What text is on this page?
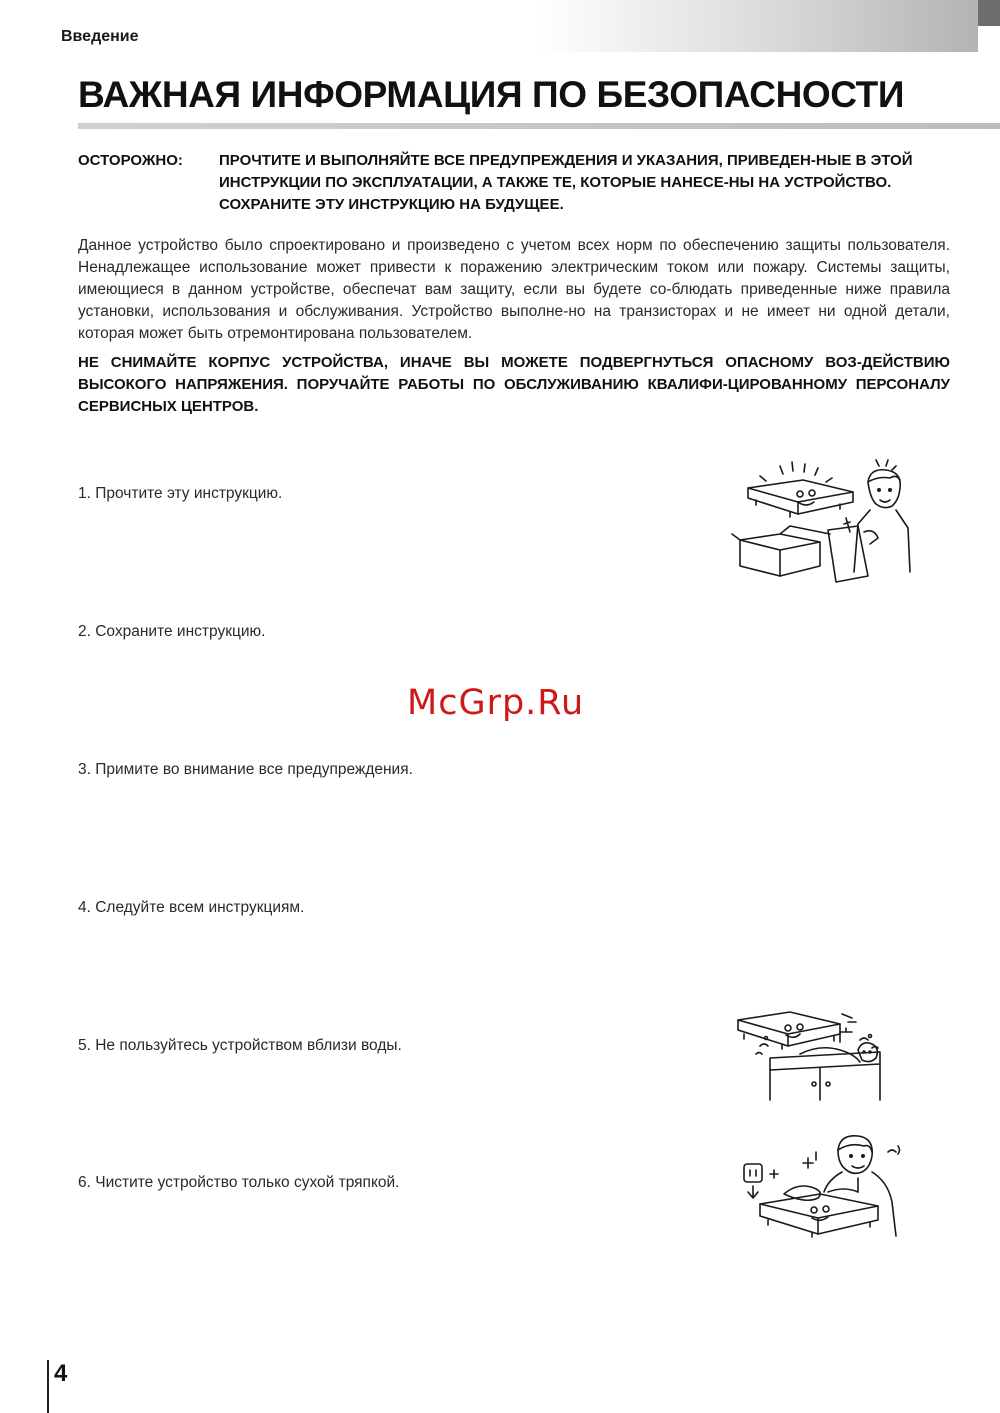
Введение
ВАЖНАЯ ИНФОРМАЦИЯ ПО БЕЗОПАСНОСТИ
ОСТОРОЖНО: ПРОЧТИТЕ И ВЫПОЛНЯЙТЕ ВСЕ ПРЕДУПРЕЖДЕНИЯ И УКАЗАНИЯ, ПРИВЕДЕН-НЫЕ В ЭТОЙ ИНСТРУКЦИИ ПО ЭКСПЛУАТАЦИИ, А ТАКЖЕ ТЕ, КОТОРЫЕ НАНЕСЕ-НЫ НА УСТРОЙСТВО. СОХРАНИТЕ ЭТУ ИНСТРУКЦИЮ НА БУДУЩЕЕ.

Данное устройство было спроектировано и произведено с учетом всех норм по обеспечению защиты пользователя. Ненадлежащее использование может привести к поражению электрическим током или пожару. Системы защиты, имеющиеся в данном устройстве, обеспечат вам защиту, если вы будете со-блюдать приведенные ниже правила установки, использования и обслуживания. Устройство выполне-но на транзисторах и не имеет ни одной детали, которая может быть отремонтирована пользователем.

НЕ СНИМАЙТЕ КОРПУС УСТРОЙСТВА, ИНАЧЕ ВЫ МОЖЕТЕ ПОДВЕРГНУТЬСЯ ОПАСНОМУ ВОЗ-ДЕЙСТВИЮ ВЫСОКОГО НАПРЯЖЕНИЯ. ПОРУЧАЙТЕ РАБОТЫ ПО ОБСЛУЖИВАНИЮ КВАЛИФИ-ЦИРОВАННОМУ ПЕРСОНАЛУ СЕРВИСНЫХ ЦЕНТРОВ.

1. Прочтите эту инструкцию.
2. Сохраните инструкцию.
3. Примите во внимание все предупреждения.
4. Следуйте всем инструкциям.
5. Не пользуйтесь устройством вблизи воды.
6. Чистите устройство только сухой тряпкой.
McGrp.Ru
4
